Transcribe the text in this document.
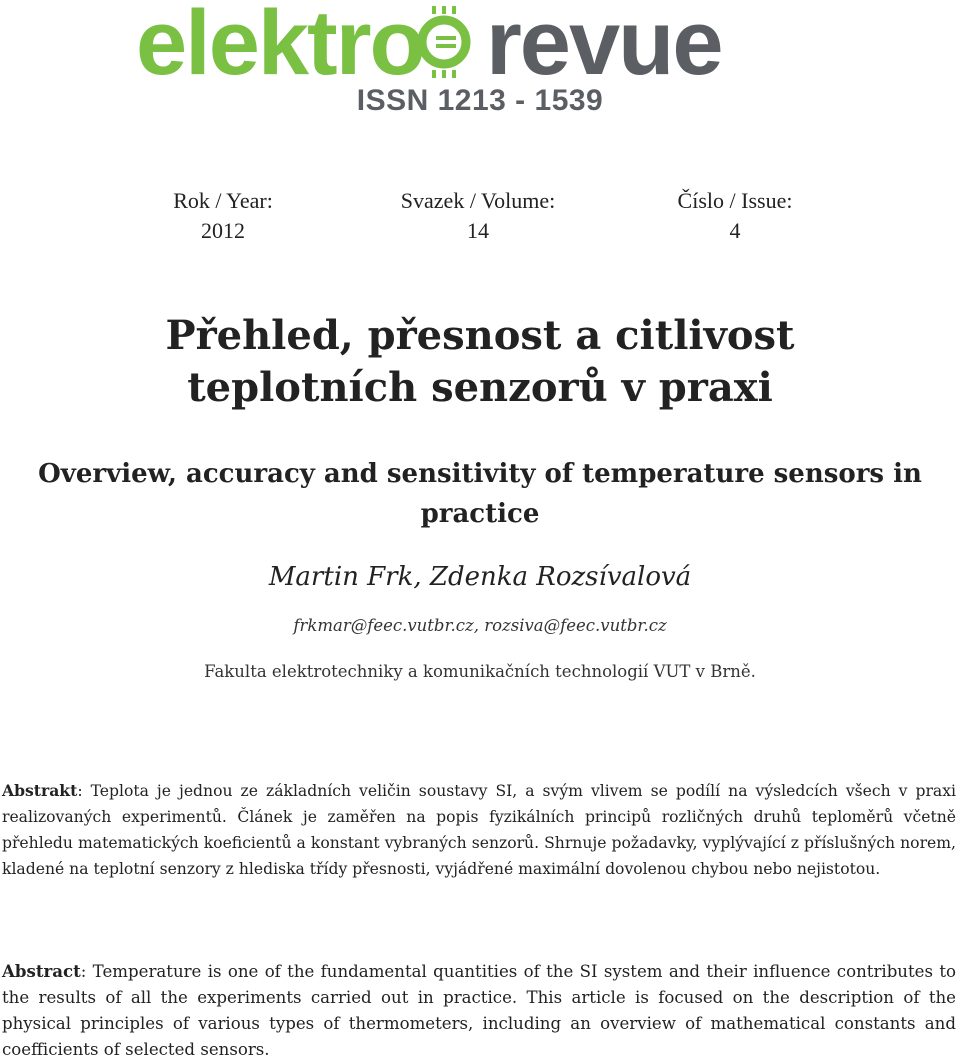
elektro revue
ISSN 1213 - 1539
Rok / Year:
2012
Svazek / Volume:
14
Číslo / Issue:
4
Přehled, přesnost a citlivost teplotních senzorů v praxi
Overview, accuracy and sensitivity of temperature sensors in practice
Martin Frk, Zdenka Rozsívalová
frkmar@feec.vutbr.cz, rozsiva@feec.vutbr.cz
Fakulta elektrotechniky a komunikačních technologií VUT v Brně.
Abstrakt: Teplota je jednou ze základních veličin soustavy SI, a svým vlivem se podílí na výsledcích všech v praxi realizovaných experimentů. Článek je zaměřen na popis fyzikálních principů rozličných druhů teploměrů včetně přehledu matematických koeficientů a konstant vybraných senzorů. Shrnuje požadavky, vyplývající z příslušných norem, kladené na teplotní senzory z hlediska třídy přesnosti, vyjádřené maximální dovolenou chybou nebo nejistotou.
Abstract: Temperature is one of the fundamental quantities of the SI system and their influence contributes to the results of all the experiments carried out in practice. This article is focused on the description of the physical principles of various types of thermometers, including an overview of mathematical constants and coefficients of selected sensors.
